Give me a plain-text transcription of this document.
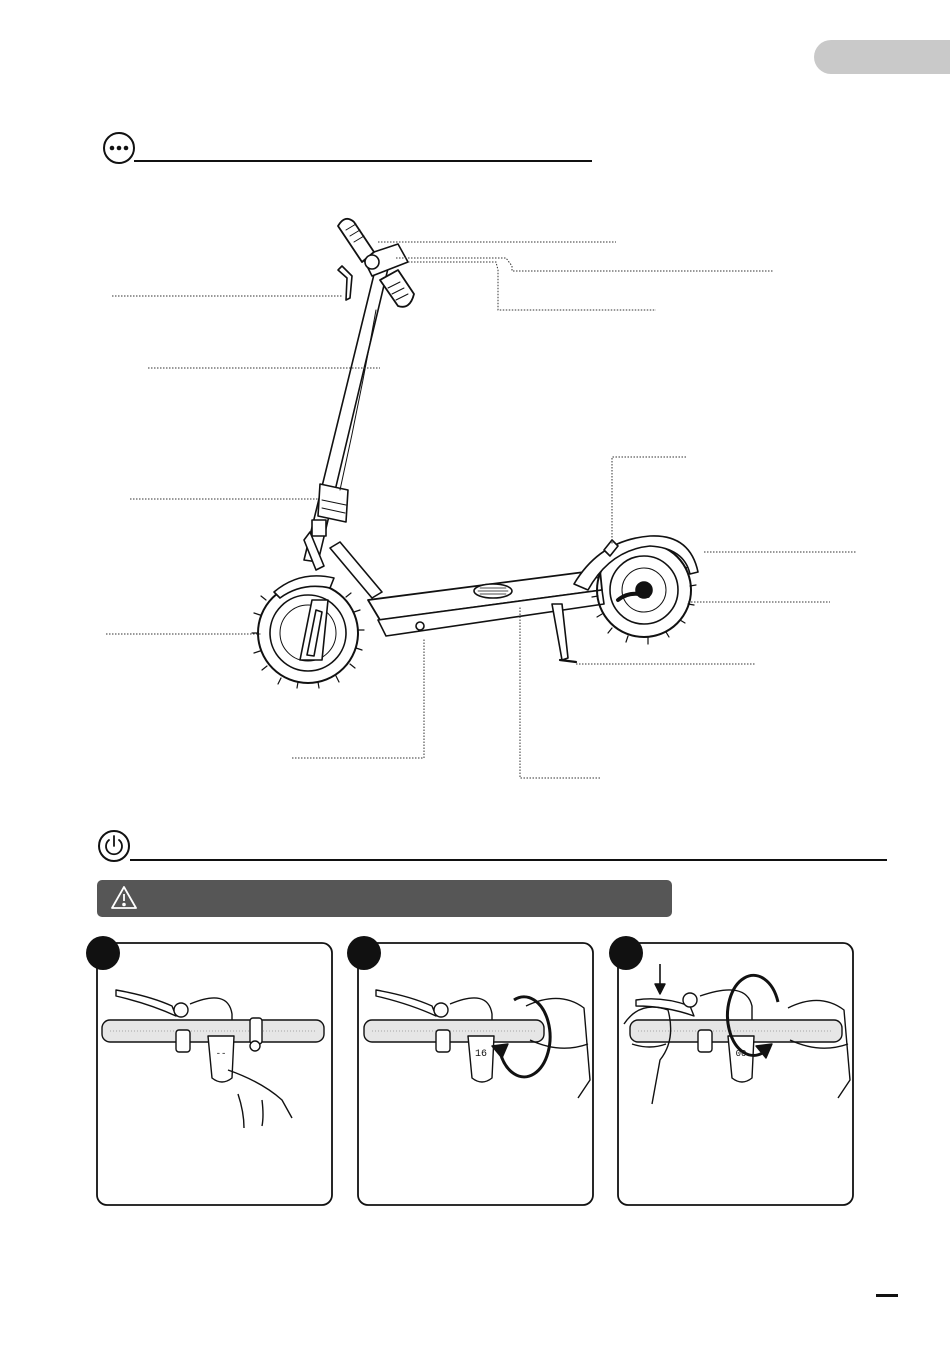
--	16	00
